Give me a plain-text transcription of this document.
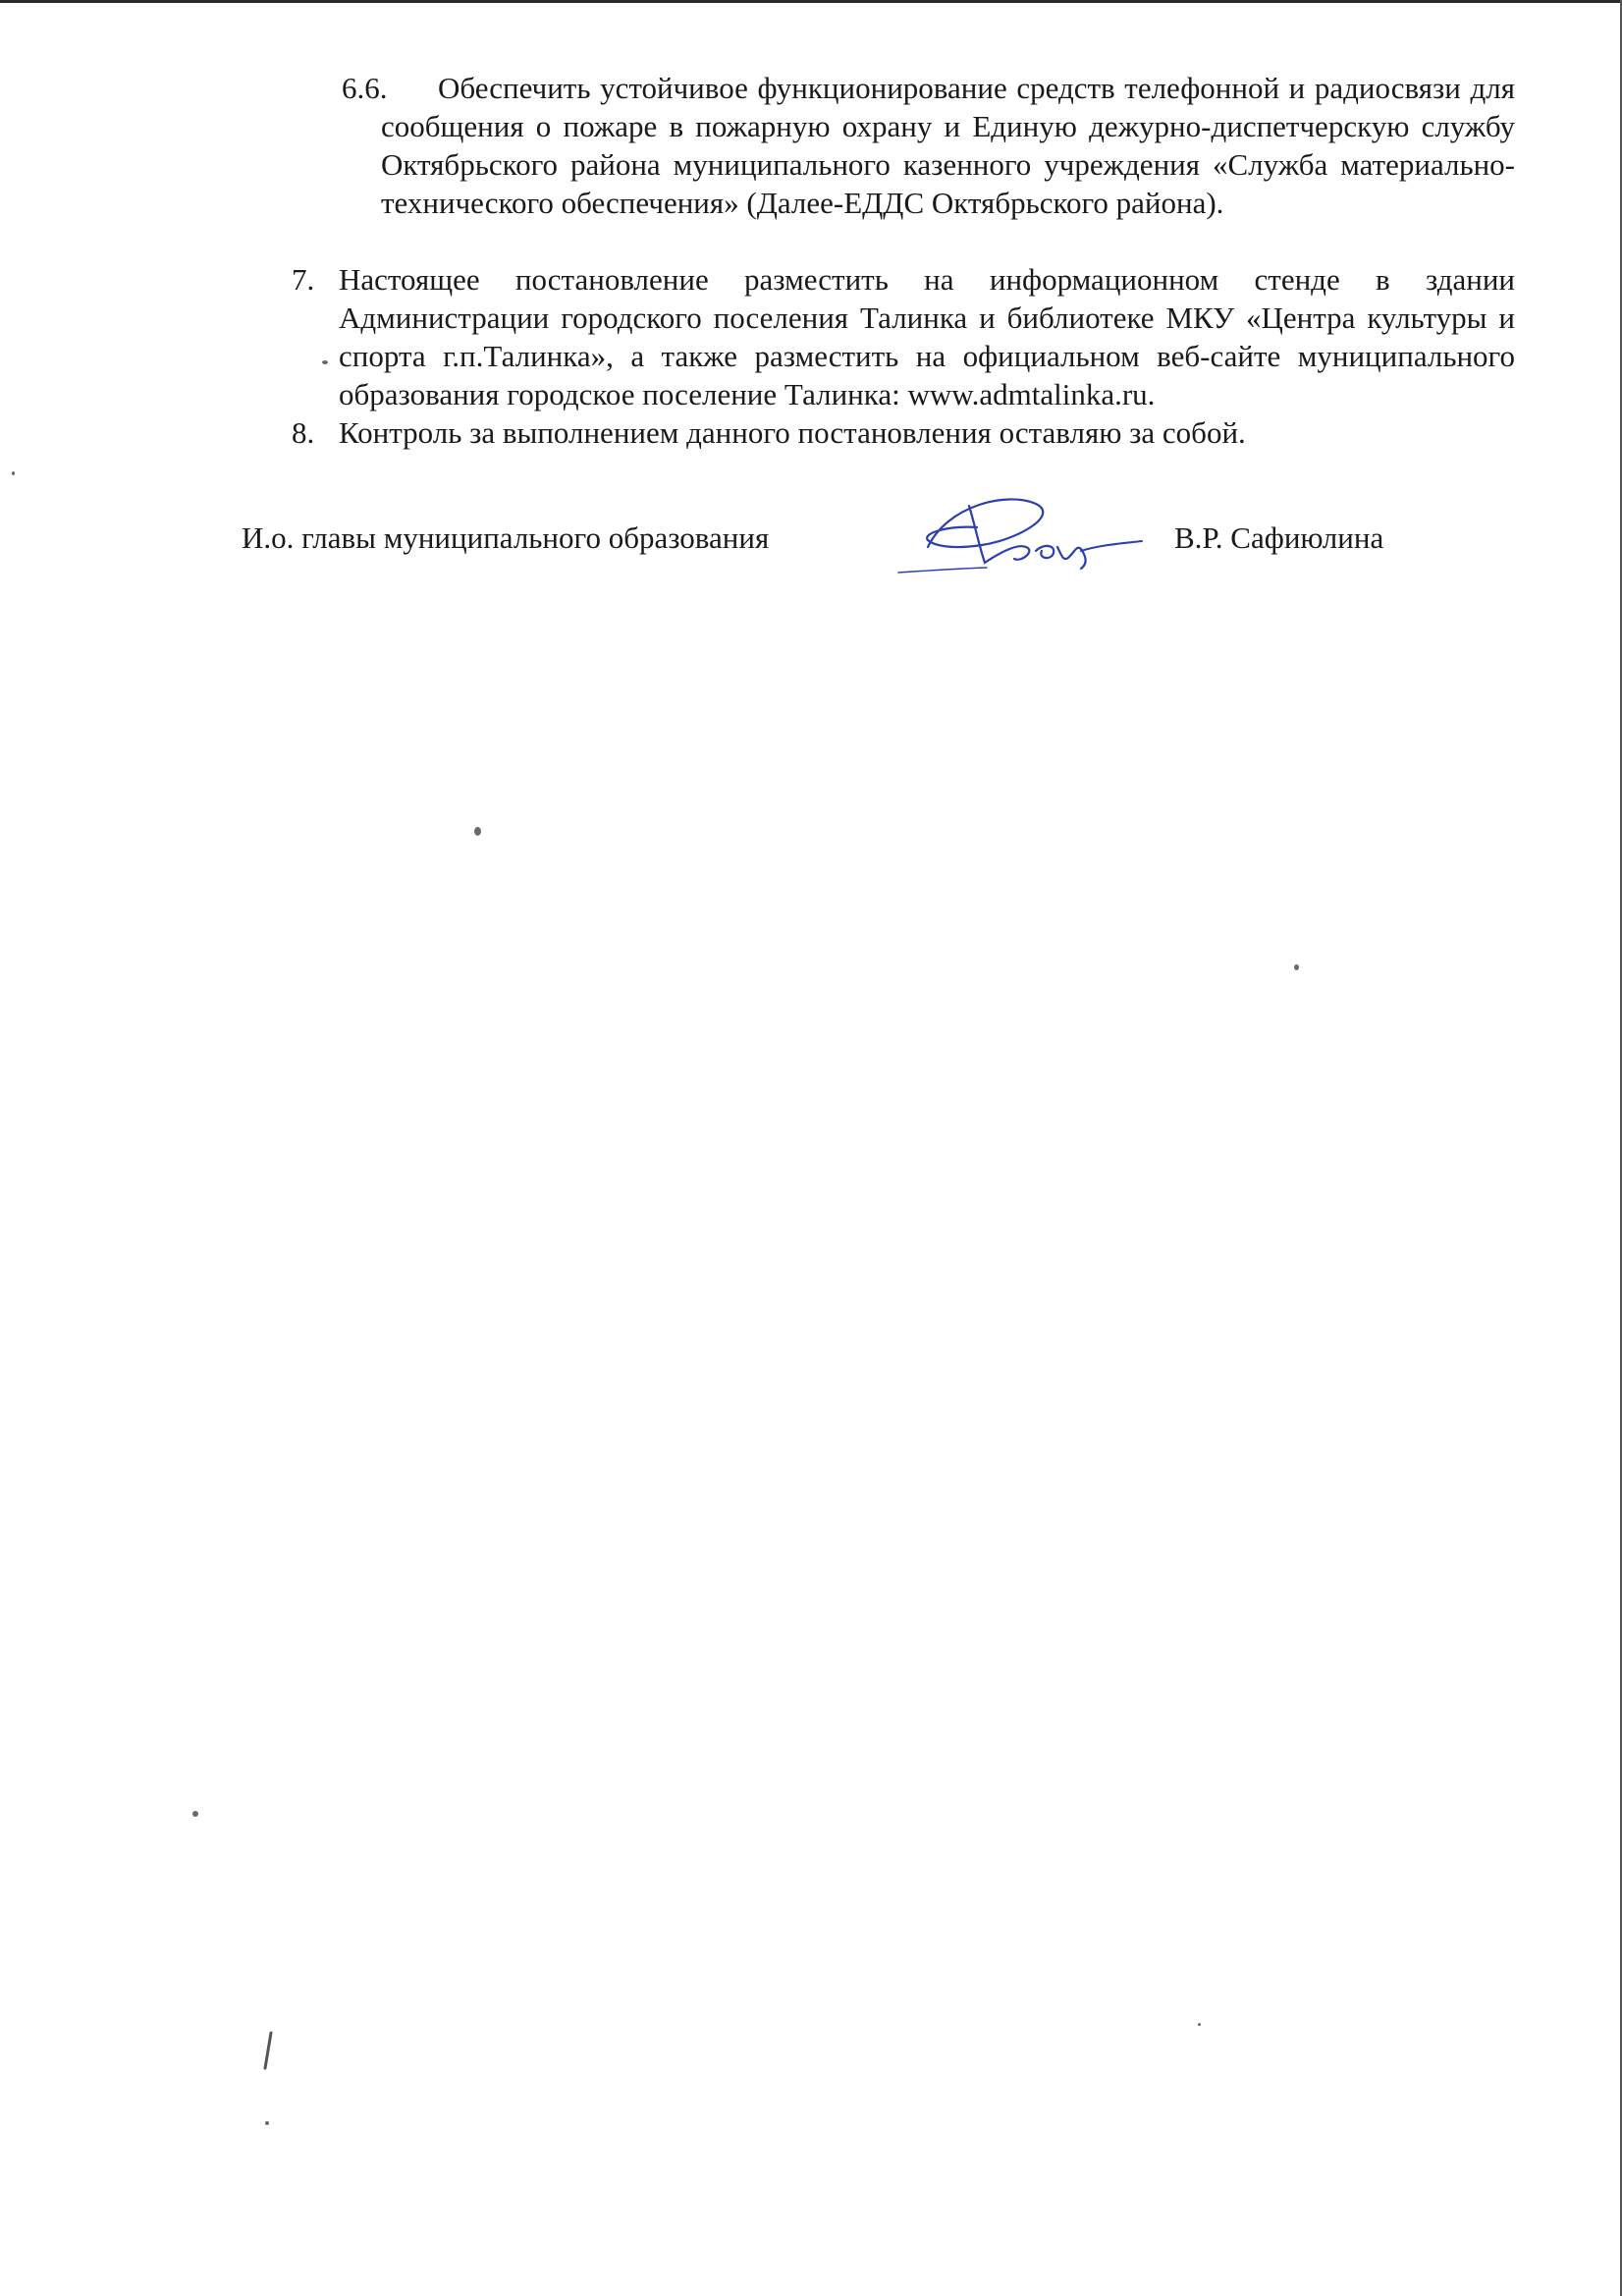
6.6.	Обеспечить устойчивое функционирование средств телефонной и радиосвязи для сообщения о пожаре в пожарную охрану и Единую дежурно-диспетчерскую службу Октябрьского района муниципального казенного учреждения «Служба материально-технического обеспечения» (Далее-ЕДДС Октябрьского района).
7. Настоящее постановление разместить на информационном стенде в здании Администрации городского поселения Талинка и библиотеке МКУ «Центра культуры и спорта г.п.Талинка», а также разместить на официальном веб-сайте муниципального образования городское поселение Талинка: www.admtalinka.ru.
8. Контроль за выполнением данного постановления оставляю за собой.
И.о. главы муниципального образования	В.Р. Сафиюлина
